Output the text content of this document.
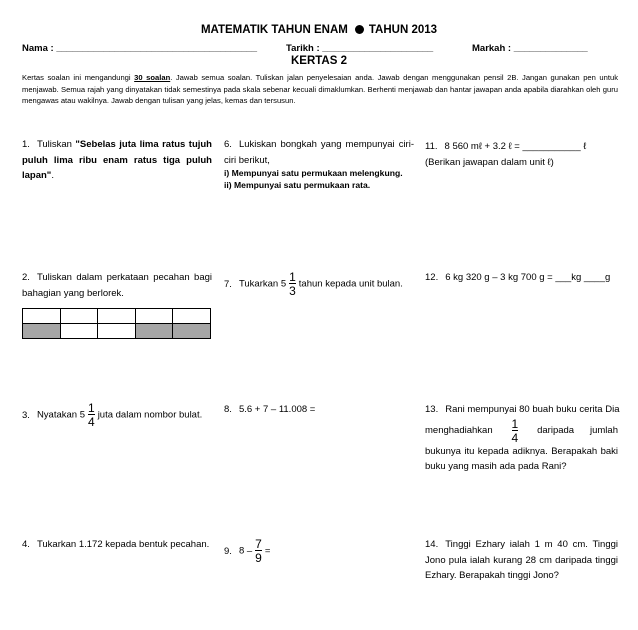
MATEMATIK TAHUN ENAM TAHUN 2013
Nama : ______________________________________	Tarikh : _____________________	Markah : ______________
KERTAS 2
Kertas soalan ini mengandungi 30 soalan. Jawab semua soalan. Tuliskan jalan penyelesaian anda. Jawab dengan menggunakan pensil 2B. Jangan gunakan pen untuk menjawab. Semua rajah yang dinyatakan tidak semestinya pada skala sebenar kecuali dimaklumkan. Berhenti menjawab dan hantar jawapan anda apabila diarahkan oleh guru mengawas atau wakilnya. Jawab dengan tulisan yang jelas, kemas dan tersusun.
1. Tuliskan "Sebelas juta lima ratus tujuh puluh lima ribu enam ratus tiga puluh lapan".
2. Tuliskan dalam perkataan pecahan bagi bahagian yang berlorek.

3. Nyatakan $5 \frac{1}{4}$ juta dalam nombor bulat.
4. Tukarkan 1.172 kepada bentuk pecahan.
6. Lukiskan bongkah yang mempunyai ciri-ciri berikut,
i) Mempunyai satu permukaan melengkung.
ii) Mempunyai satu permukaan rata.
7. Tukarkan $5 \frac{1}{3}$ tahun kepada unit bulan.
8. 5.6 + 7 – 11.008 =
9. $8 - \frac{7}{9}$ =
11. 8 560 mℓ + 3.2 ℓ = ___________ ℓ
(Berikan jawapan dalam unit ℓ)
12. 6 kg 320 g – 3 kg 700 g = ___kg ____g
13. Rani mempunyai 80 buah buku cerita Dia
menghadiahkan 1
4
daripada jumlah
bukunya itu kepada adiknya. Berapakah baki buku yang masih ada pada Rani?
14. Tinggi Ezhary ialah 1 m 40 cm. Tinggi Jono pula ialah kurang 28 cm daripada tinggi Ezhary. Berapakah tinggi Jono?
